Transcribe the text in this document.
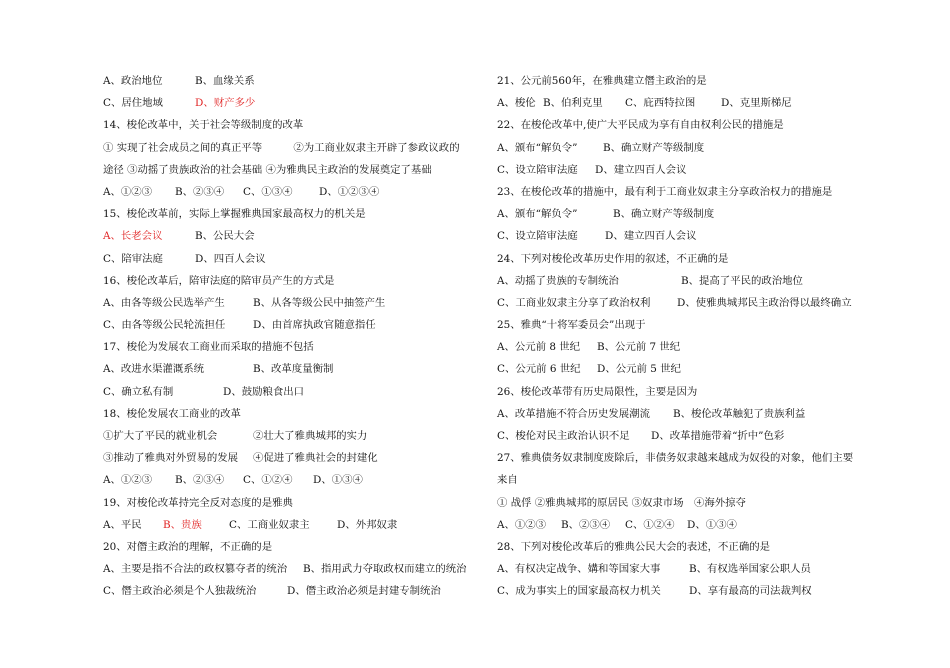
A、政治地位	B、血缘关系
C、居住地域	D、财产多少
14、梭伦改革中，关于社会等级制度的改革
① 实现了社会成员之间的真正平等　　　②为工商业奴隶主开辟了参政议政的
途径 ③动摇了贵族政治的社会基础 ④为雅典民主政治的发展奠定了基础
A、①②③ B、②③④ C、①③④	D、①②③④
15、梭伦改革前，实际上掌握雅典国家最高权力的机关是
A、长老会议	B、公民大会
C、陪审法庭	D、四百人会议
16、梭伦改革后，陪审法庭的陪审员产生的方式是
A、由各等级公民选举产生	B、从各等级公民中抽签产生
C、由各等级公民轮流担任	D、由首席执政官随意指任
17、梭伦为发展农工商业而采取的措施不包括
A、改进水渠灌溉系统	B、改革度量衡制
C、确立私有制	D、鼓励粮食出口
18、梭伦发展农工商业的改革
①扩大了平民的就业机会	②壮大了雅典城邦的实力
③推动了雅典对外贸易的发展 ④促进了雅典社会的封建化
A、①②③ B、②③④ C、①②④ D、①③④
19、对梭伦改革持完全反对态度的是雅典
A、平民 B、贵族	C、工商业奴隶主	D、外邦奴隶
20、对僭主政治的理解，不正确的是
A、主要是指不合法的政权篡夺者的统治 B、指用武力夺取政权而建立的统治
C、僭主政治必须是个人独裁统治	D、僭主政治必须是封建专制统治
21、公元前560年，在雅典建立僭主政治的是
A、梭伦 B、伯利克里 C、庇西特拉图 D、克里斯梯尼
22、在梭伦改革中,使广大平民成为享有自由权利公民的措施是
A、颁布“解负令” B、确立财产等级制度
C、设立陪审法庭 D、建立四百人会议
23、在梭伦改革的措施中，最有利于工商业奴隶主分享政治权力的措施是
A、颁布“解负令”	B、确立财产等级制度
C、设立陪审法庭	D、建立四百人会议
24、下列对梭伦改革历史作用的叙述，不正确的是
A、动摇了贵族的专制统治	B、提高了平民的政治地位
C、工商业奴隶主分享了政治权利	D、使雅典城邦民主政治得以最终确立
25、雅典“十将军委员会”出现于
A、公元前 8 世纪 B、公元前 7 世纪
C、公元前 6 世纪 D、公元前 5 世纪
26、梭伦改革带有历史局限性，主要是因为
A、改革措施不符合历史发展潮流 B、梭伦改革触犯了贵族利益
C、梭伦对民主政治认识不足 D、改革措施带着“折中”色彩
27、雅典债务奴隶制度废除后，非债务奴隶越来越成为奴役的对象，他们主要
来自
① 战俘 ②雅典城邦的原居民 ③奴隶市场　④海外掠夺
A、①②③ B、②③④ C、①②④ D、①③④
28、下列对梭伦改革后的雅典公民大会的表述，不正确的是
A、有权决定战争、媾和等国家大事	B、有权选举国家公职人员
C、成为事实上的国家最高权力机关	D、享有最高的司法裁判权
